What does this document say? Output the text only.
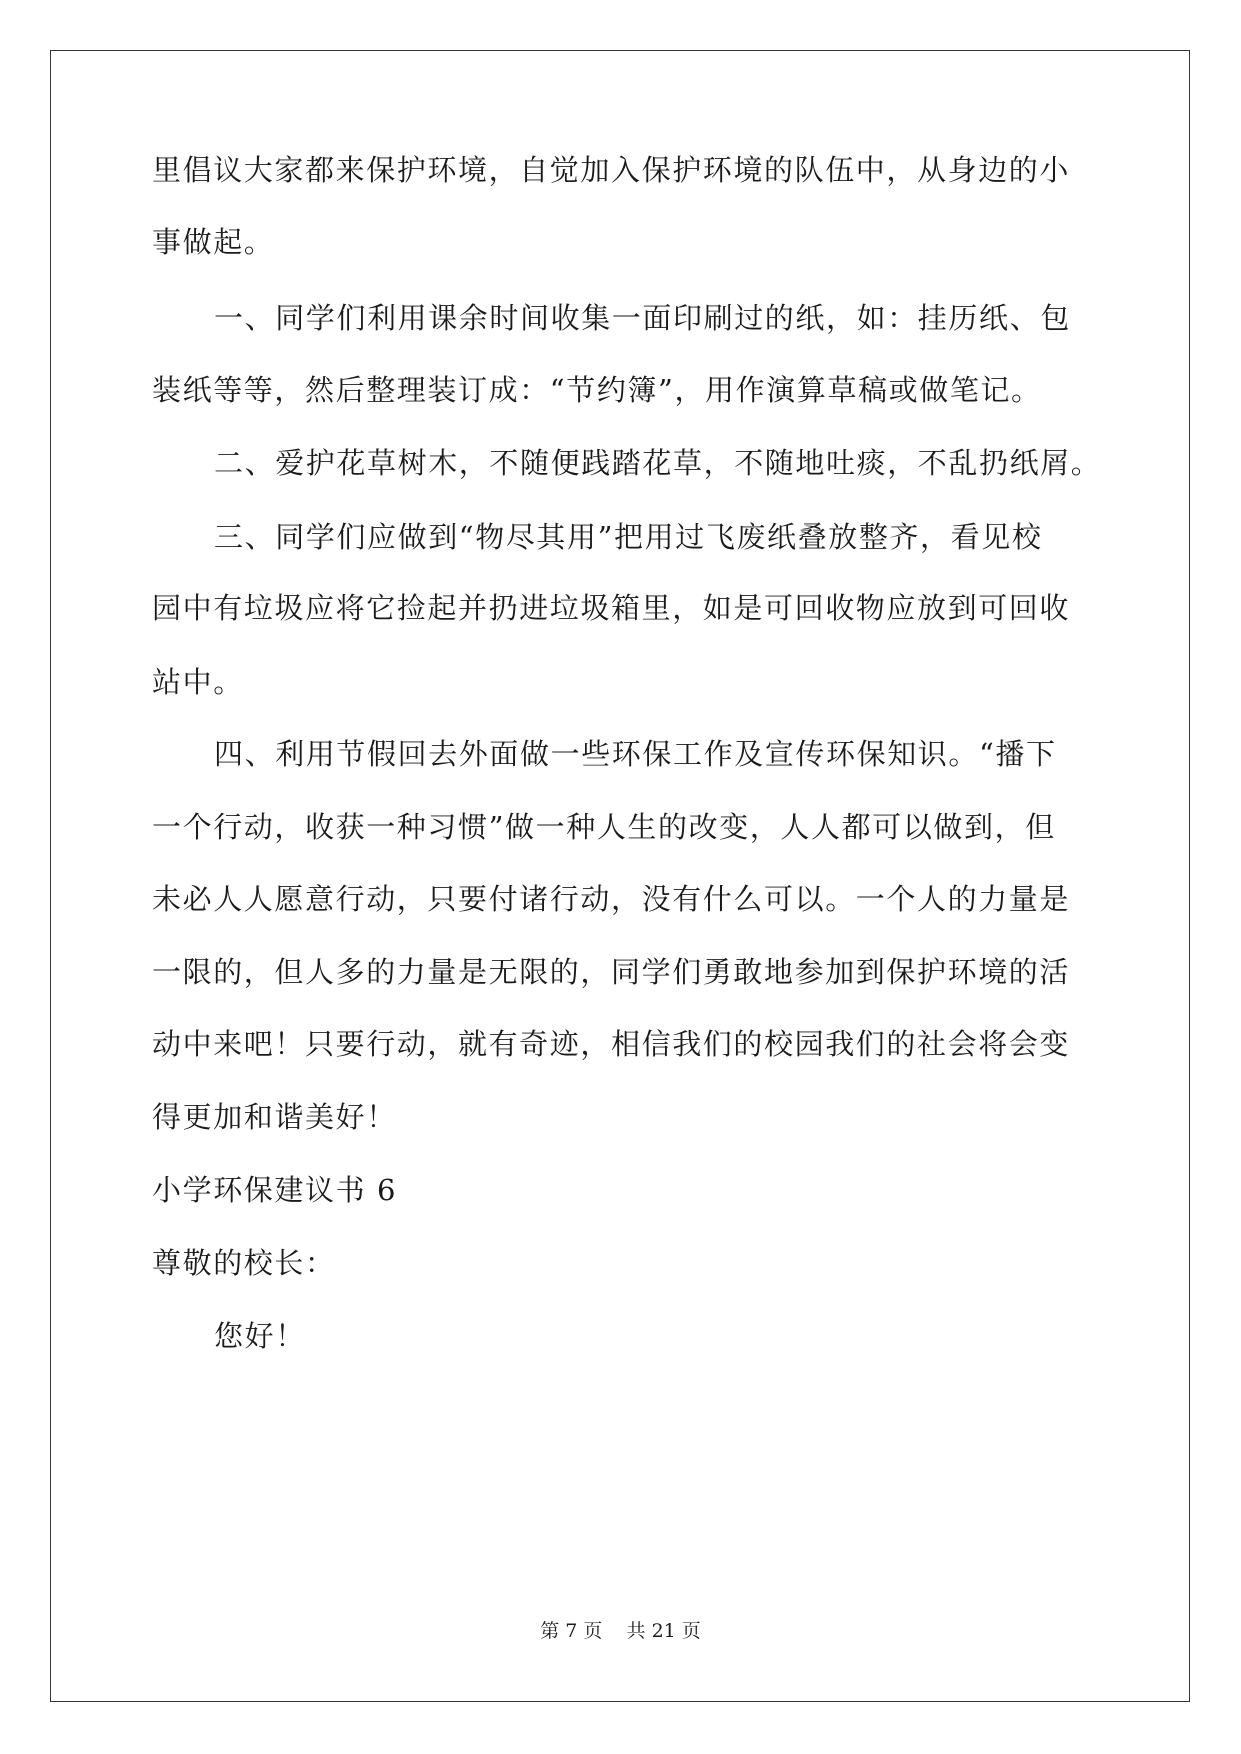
里倡议大家都来保护环境，自觉加入保护环境的队伍中，从身边的小
事做起。
一、同学们利用课余时间收集一面印刷过的纸，如：挂历纸、包
装纸等等，然后整理装订成：“节约簿”，用作演算草稿或做笔记。
二、爱护花草树木，不随便践踏花草，不随地吐痰，不乱扔纸屑。
三、同学们应做到“物尽其用”把用过飞废纸叠放整齐，看见校
园中有垃圾应将它捡起并扔进垃圾箱里，如是可回收物应放到可回收
站中。
四、利用节假回去外面做一些环保工作及宣传环保知识。“播下
一个行动，收获一种习惯”做一种人生的改变，人人都可以做到，但
未必人人愿意行动，只要付诸行动，没有什么可以。一个人的力量是
一限的，但人多的力量是无限的，同学们勇敢地参加到保护环境的活
动中来吧！只要行动，就有奇迹，相信我们的校园我们的社会将会变
得更加和谐美好！
小学环保建议书 6
尊敬的校长：
您好！
第 7 页 共 21 页
